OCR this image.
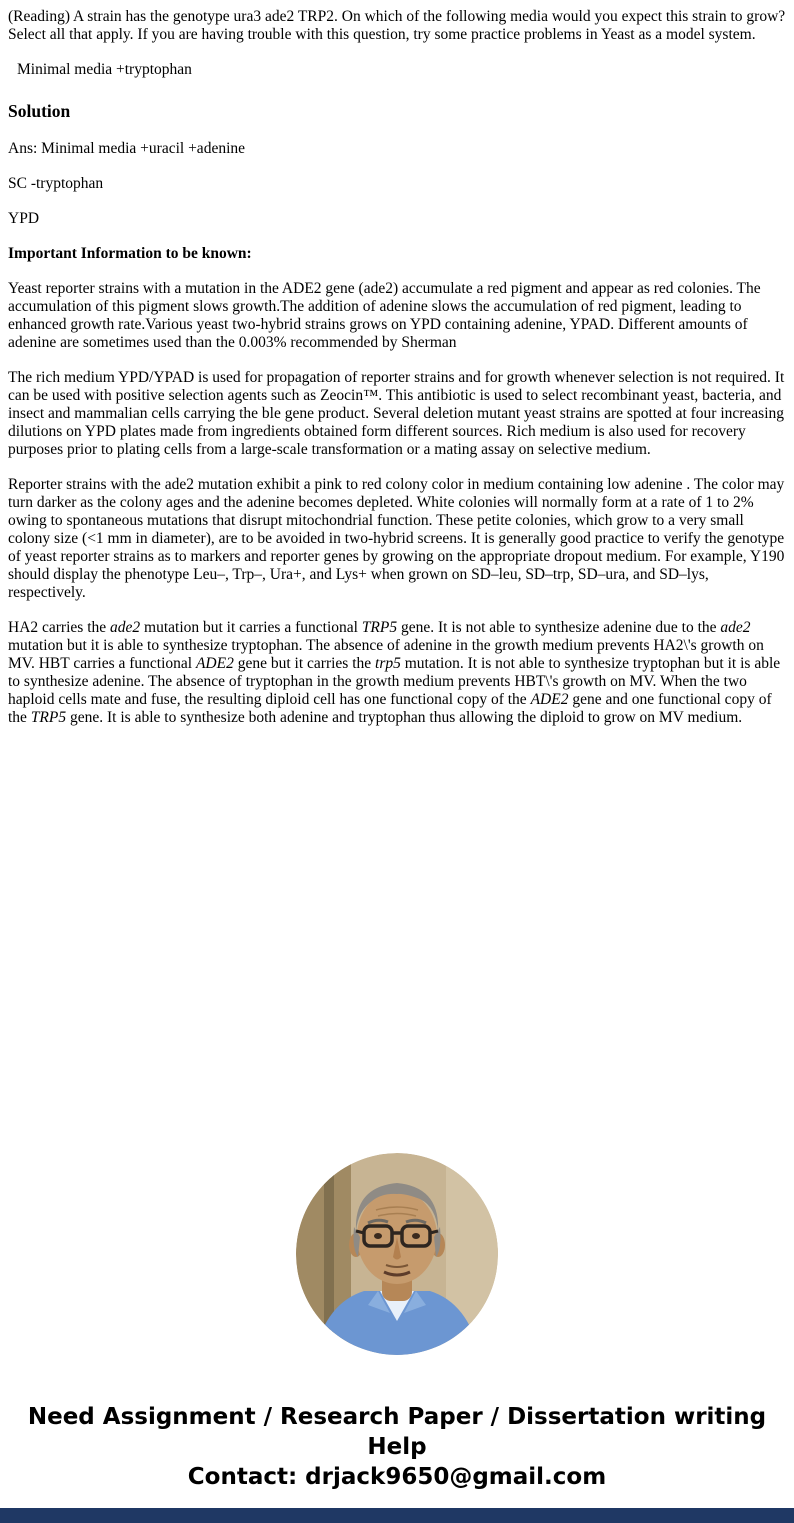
(Reading) A strain has the genotype ura3 ade2 TRP2. On which of the following media would you expect this strain to grow? Select all that apply. If you are having trouble with this question, try some practice problems in Yeast as a model system.

Minimal media +tryptophan

Solution

Ans: Minimal media +uracil +adenine

SC -tryptophan

YPD

Important Information to be known:

Yeast reporter strains with a mutation in the ADE2 gene (ade2) accumulate a red pigment and appear as red colonies. The accumulation of this pigment slows growth.The addition of adenine slows the accumulation of red pigment, leading to enhanced growth rate.Various yeast two-hybrid strains grows on YPD containing adenine, YPAD. Different amounts of adenine are sometimes used than the 0.003% recommended by Sherman

The rich medium YPD/YPAD is used for propagation of reporter strains and for growth whenever selection is not required. It can be used with positive selection agents such as Zeocin™. This antibiotic is used to select recombinant yeast, bacteria, and insect and mammalian cells carrying the ble gene product. Several deletion mutant yeast strains are spotted at four increasing dilutions on YPD plates made from ingredients obtained form different sources. Rich medium is also used for recovery purposes prior to plating cells from a large-scale transformation or a mating assay on selective medium.

Reporter strains with the ade2 mutation exhibit a pink to red colony color in medium containing low adenine . The color may turn darker as the colony ages and the adenine becomes depleted. White colonies will normally form at a rate of 1 to 2% owing to spontaneous mutations that disrupt mitochondrial function. These petite colonies, which grow to a very small colony size (<1 mm in diameter), are to be avoided in two-hybrid screens. It is generally good practice to verify the genotype of yeast reporter strains as to markers and reporter genes by growing on the appropriate dropout medium. For example, Y190 should display the phenotype Leu–, Trp–, Ura+, and Lys+ when grown on SD–leu, SD–trp, SD–ura, and SD–lys, respectively.

HA2 carries the ade2 mutation but it carries a functional TRP5 gene. It is not able to synthesize adenine due to the ade2 mutation but it is able to synthesize tryptophan. The absence of adenine in the growth medium prevents HA2\'s growth on MV. HBT carries a functional ADE2 gene but it carries the trp5 mutation. It is not able to synthesize tryptophan but it is able to synthesize adenine. The absence of tryptophan in the growth medium prevents HBT\'s growth on MV. When the two haploid cells mate and fuse, the resulting diploid cell has one functional copy of the ADE2 gene and one functional copy of the TRP5 gene. It is able to synthesize both adenine and tryptophan thus allowing the diploid to grow on MV medium.

Need Assignment / Research Paper / Dissertation writing Help
Contact: drjack9650@gmail.com
